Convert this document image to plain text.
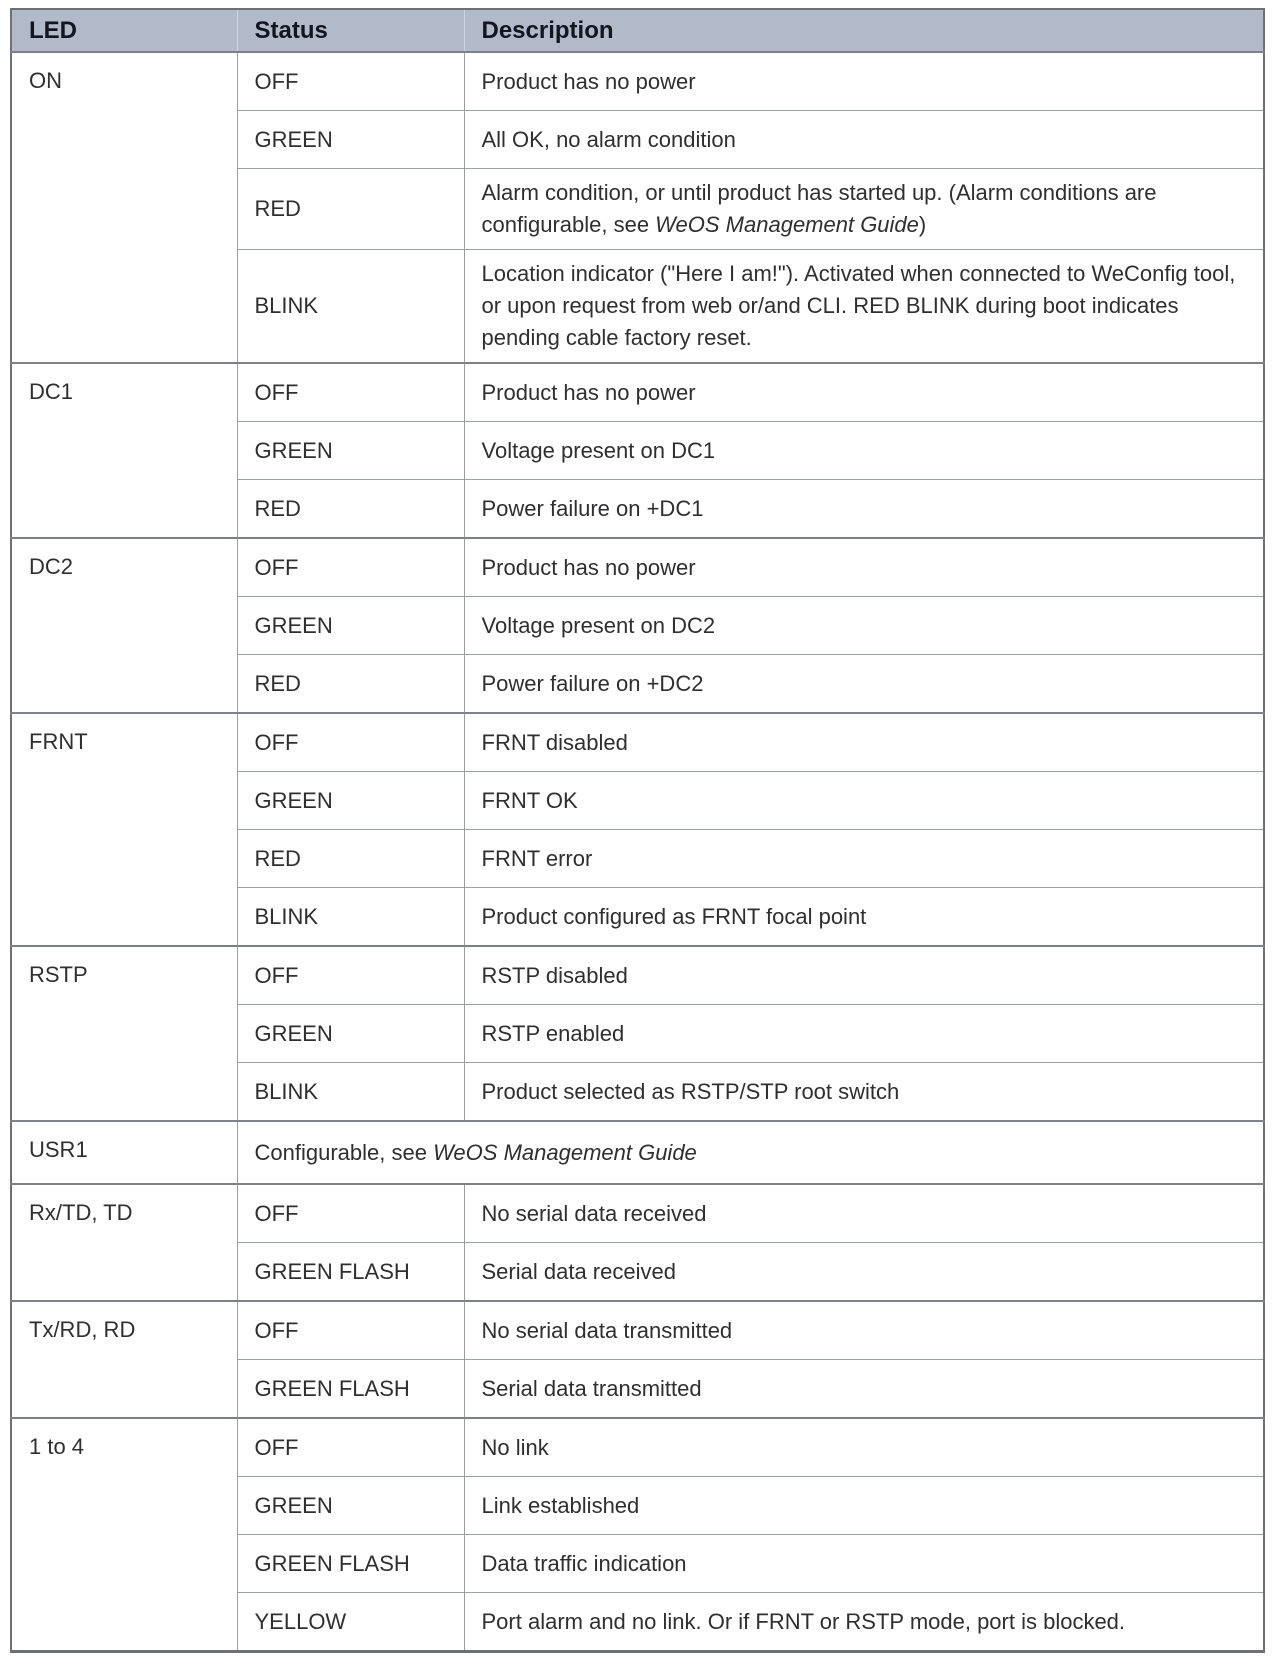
LED	Status	Description
ON	OFF	Product has no power
	GREEN	All OK, no alarm condition
	RED	Alarm condition, or until product has started up. (Alarm conditions are configurable, see WeOS Management Guide)
	BLINK	Location indicator ("Here I am!"). Activated when connected to WeConfig tool, or upon request from web or/and CLI. RED BLINK during boot indicates pending cable factory reset.
DC1	OFF	Product has no power
	GREEN	Voltage present on DC1
	RED	Power failure on +DC1
DC2	OFF	Product has no power
	GREEN	Voltage present on DC2
	RED	Power failure on +DC2
FRNT	OFF	FRNT disabled
	GREEN	FRNT OK
	RED	FRNT error
	BLINK	Product configured as FRNT focal point
RSTP	OFF	RSTP disabled
	GREEN	RSTP enabled
	BLINK	Product selected as RSTP/STP root switch
USR1	Configurable, see WeOS Management Guide	
Rx/TD, TD	OFF	No serial data received
	GREEN FLASH	Serial data received
Tx/RD, RD	OFF	No serial data transmitted
	GREEN FLASH	Serial data transmitted
1 to 4	OFF	No link
	GREEN	Link established
	GREEN FLASH	Data traffic indication
	YELLOW	Port alarm and no link. Or if FRNT or RSTP mode, port is blocked.
